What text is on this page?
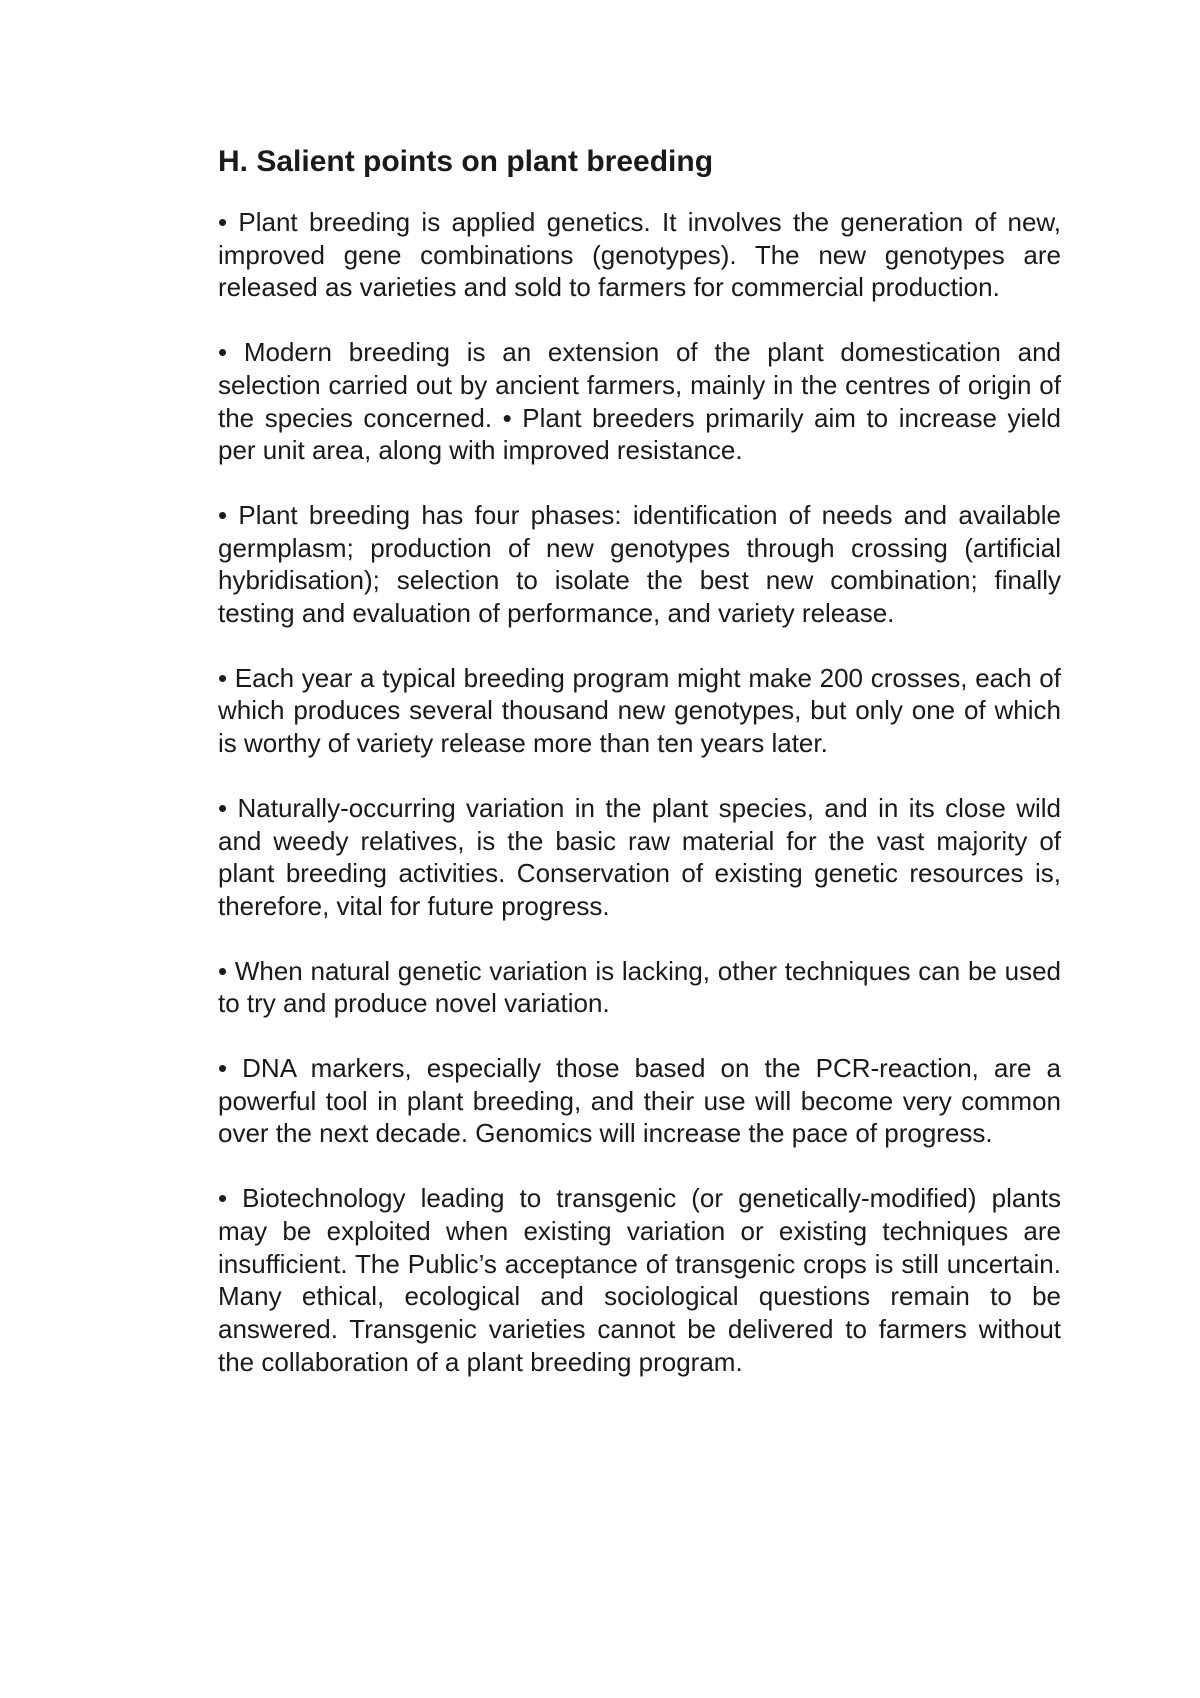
H. Salient points on plant breeding

• Plant breeding is applied genetics. It involves the generation of new, improved gene combinations (genotypes). The new genotypes are released as varieties and sold to farmers for commercial production.

• Modern breeding is an extension of the plant domestication and selection carried out by ancient farmers, mainly in the centres of origin of the species concerned. • Plant breeders primarily aim to increase yield per unit area, along with improved resistance.

• Plant breeding has four phases: identification of needs and available germplasm; production of new genotypes through crossing (artificial hybridisation); selection to isolate the best new combination; finally testing and evaluation of performance, and variety release.

• Each year a typical breeding program might make 200 crosses, each of which produces several thousand new genotypes, but only one of which is worthy of variety release more than ten years later.

• Naturally-occurring variation in the plant species, and in its close wild and weedy relatives, is the basic raw material for the vast majority of plant breeding activities. Conservation of existing genetic resources is, therefore, vital for future progress.

• When natural genetic variation is lacking, other techniques can be used to try and produce novel variation.

• DNA markers, especially those based on the PCR-reaction, are a powerful tool in plant breeding, and their use will become very common over the next decade. Genomics will increase the pace of progress.

• Biotechnology leading to transgenic (or genetically-modified) plants may be exploited when existing variation or existing techniques are insufficient. The Public’s acceptance of transgenic crops is still uncertain. Many ethical, ecological and sociological questions remain to be answered. Transgenic varieties cannot be delivered to farmers without the collaboration of a plant breeding program.
